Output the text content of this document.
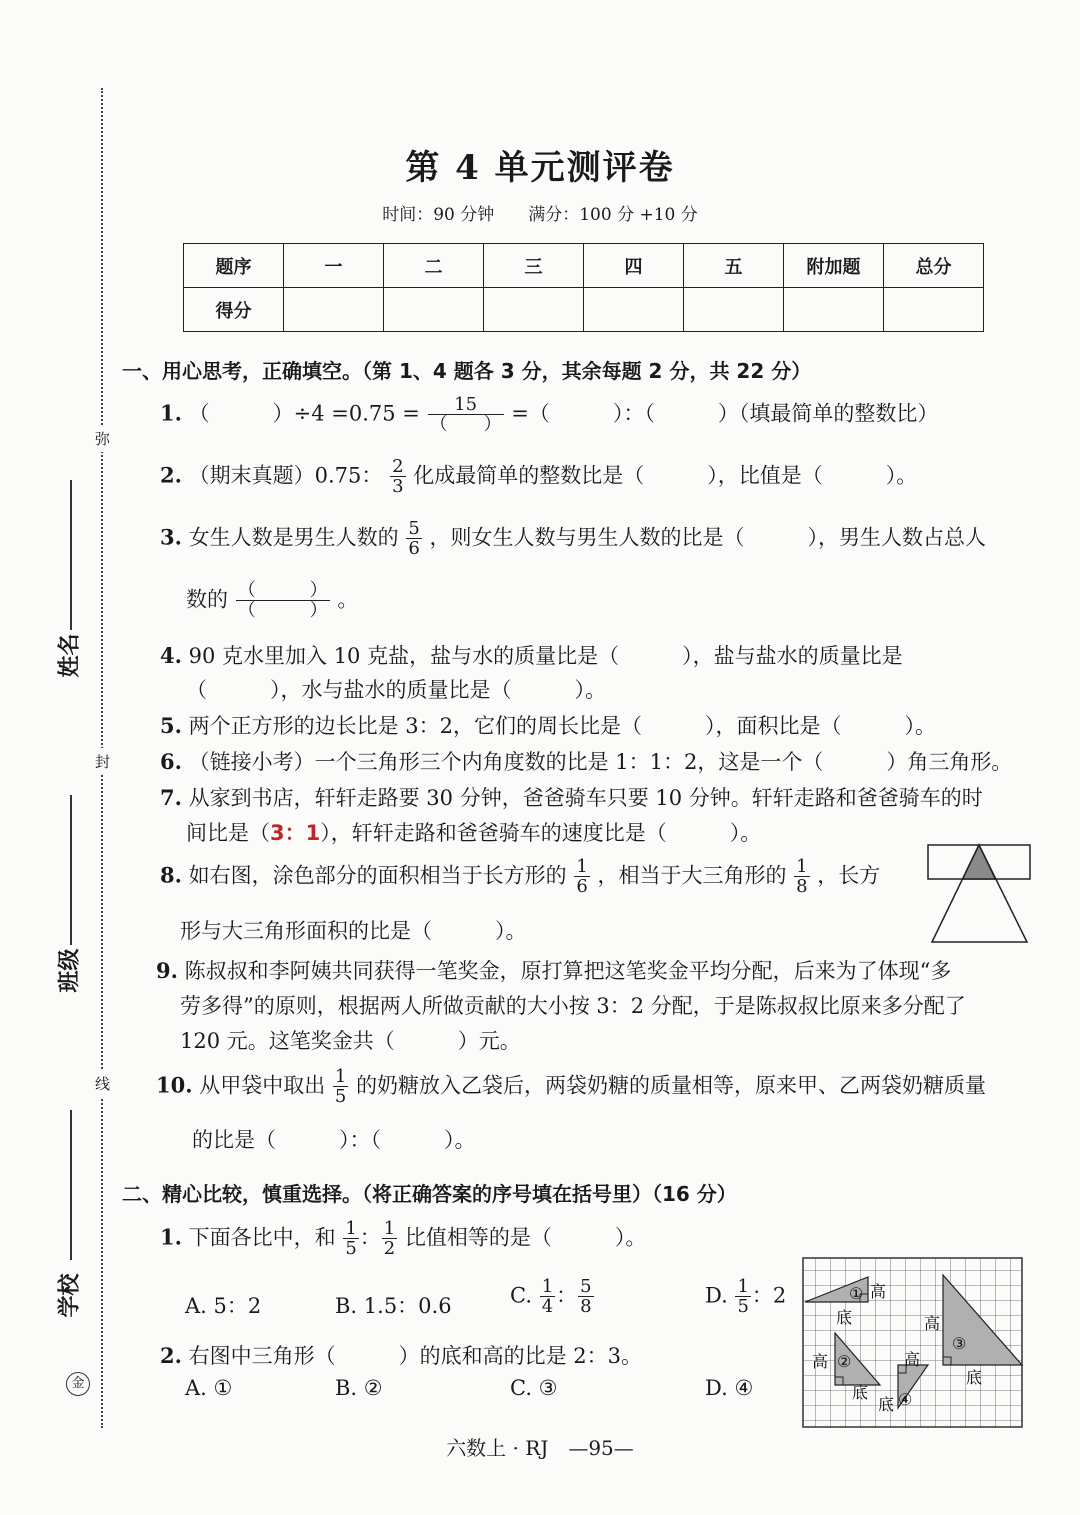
弥
封
线
姓名
班级
学校
金
第 4 单元测评卷
时间：90 分钟　　满分：100 分 +10 分
题序	一	二	三	四	五	附加题	总分
得分							
一、用心思考，正确填空。（第 1、4 题各 3 分，其余每题 2 分，共 22 分）
1. （　　　）$\div 4 =0.75 = \frac{15}{( )}$ =（　　　）：（　　　）（填最简单的整数比）
2. （期末真题）0.75： $\frac{2}{3}$ 化成最简单的整数比是（　　　），比值是（　　　）。
3. 女生人数是男生人数的 $\frac{5}{6}$ ，则女生人数与男生人数的比是（　　　），男生人数占总人
数的 $\frac{( )}{( )}$ 。
4. 90 克水里加入 10 克盐，盐与水的质量比是（　　　），盐与盐水的质量比是
（　　　），水与盐水的质量比是（　　　）。
5. 两个正方形的边长比是 3：2，它们的周长比是（　　　），面积比是（　　　）。
6. （链接小考）一个三角形三个内角度数的比是 1：1：2，这是一个（　　　）角三角形。
7. 从家到书店，轩轩走路要 30 分钟，爸爸骑车只要 10 分钟。轩轩走路和爸爸骑车的时
间比是（3：1），轩轩走路和爸爸骑车的速度比是（　　　）。
8. 如右图，涂色部分的面积相当于长方形的 $\frac{1}{6}$ ，相当于大三角形的 $\frac{1}{8}$ ，长方
形与大三角形面积的比是（　　　）。
9. 陈叔叔和李阿姨共同获得一笔奖金，原打算把这笔奖金平均分配，后来为了体现“多
劳多得”的原则，根据两人所做贡献的大小按 3：2 分配，于是陈叔叔比原来多分配了
120 元。这笔奖金共（　　　）元。
10. 从甲袋中取出 $\frac{1}{5}$ 的奶糖放入乙袋后，两袋奶糖的质量相等，原来甲、乙两袋奶糖质量
的比是（　　　）：（　　　）。
二、精心比较，慎重选择。（将正确答案的序号填在括号里）（16 分）
1. 下面各比中，和 $\frac{1}{5}$ ： $\frac{1}{2}$ 比值相等的是（　　　）。
A. 5：2	B. 1.5：0.6	C. $\frac{1}{4}$ ： $\frac{5}{8}$	D. $\frac{1}{5}$ ：2
2. 右图中三角形（　　　）的底和高的比是 2：3。
A. ①	B. ②	C. ③	D. ④
① 高
底	高
③
底
高 ②
底
高
底 ④
六数上 · RJ　—95—
